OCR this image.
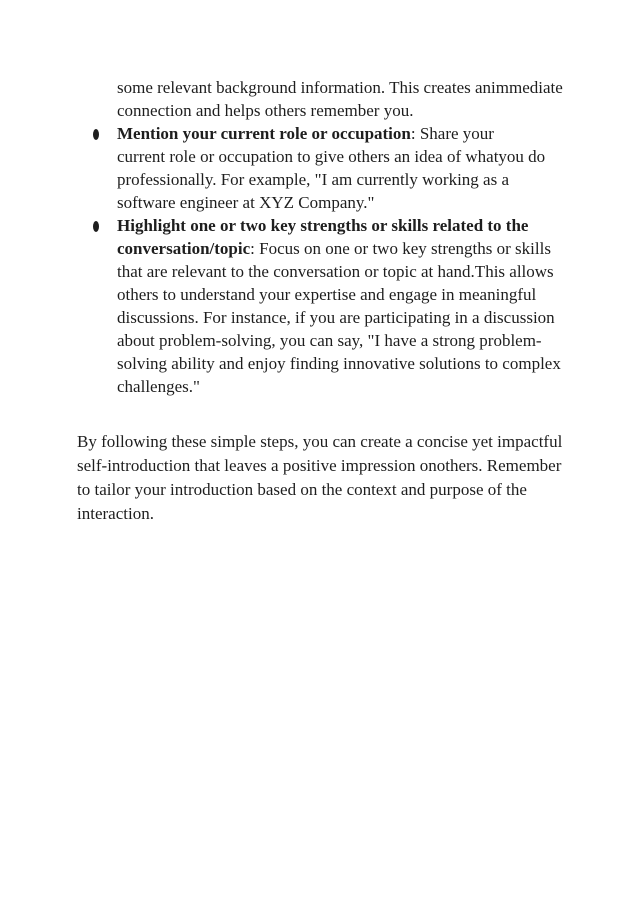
some relevant background information. This creates animmediate
connection and helps others remember you.
Mention your current role or occupation: Share your
current role or occupation to give others an idea of whatyou do
professionally. For example, "I am currently working as a
software engineer at XYZ Company."
Highlight one or two key strengths or skills related to the
conversation/topic: Focus on one or two key strengths or skills
that are relevant to the conversation or topic at hand.This allows
others to understand your expertise and engage in meaningful
discussions. For instance, if you are participating in a discussion
about problem-solving, you can say, "I have a strong problem-
solving ability and enjoy finding innovative solutions to complex
challenges."
By following these simple steps, you can create a concise yet impactful
self-introduction that leaves a positive impression onothers. Remember
to tailor your introduction based on the context and purpose of the
interaction.
